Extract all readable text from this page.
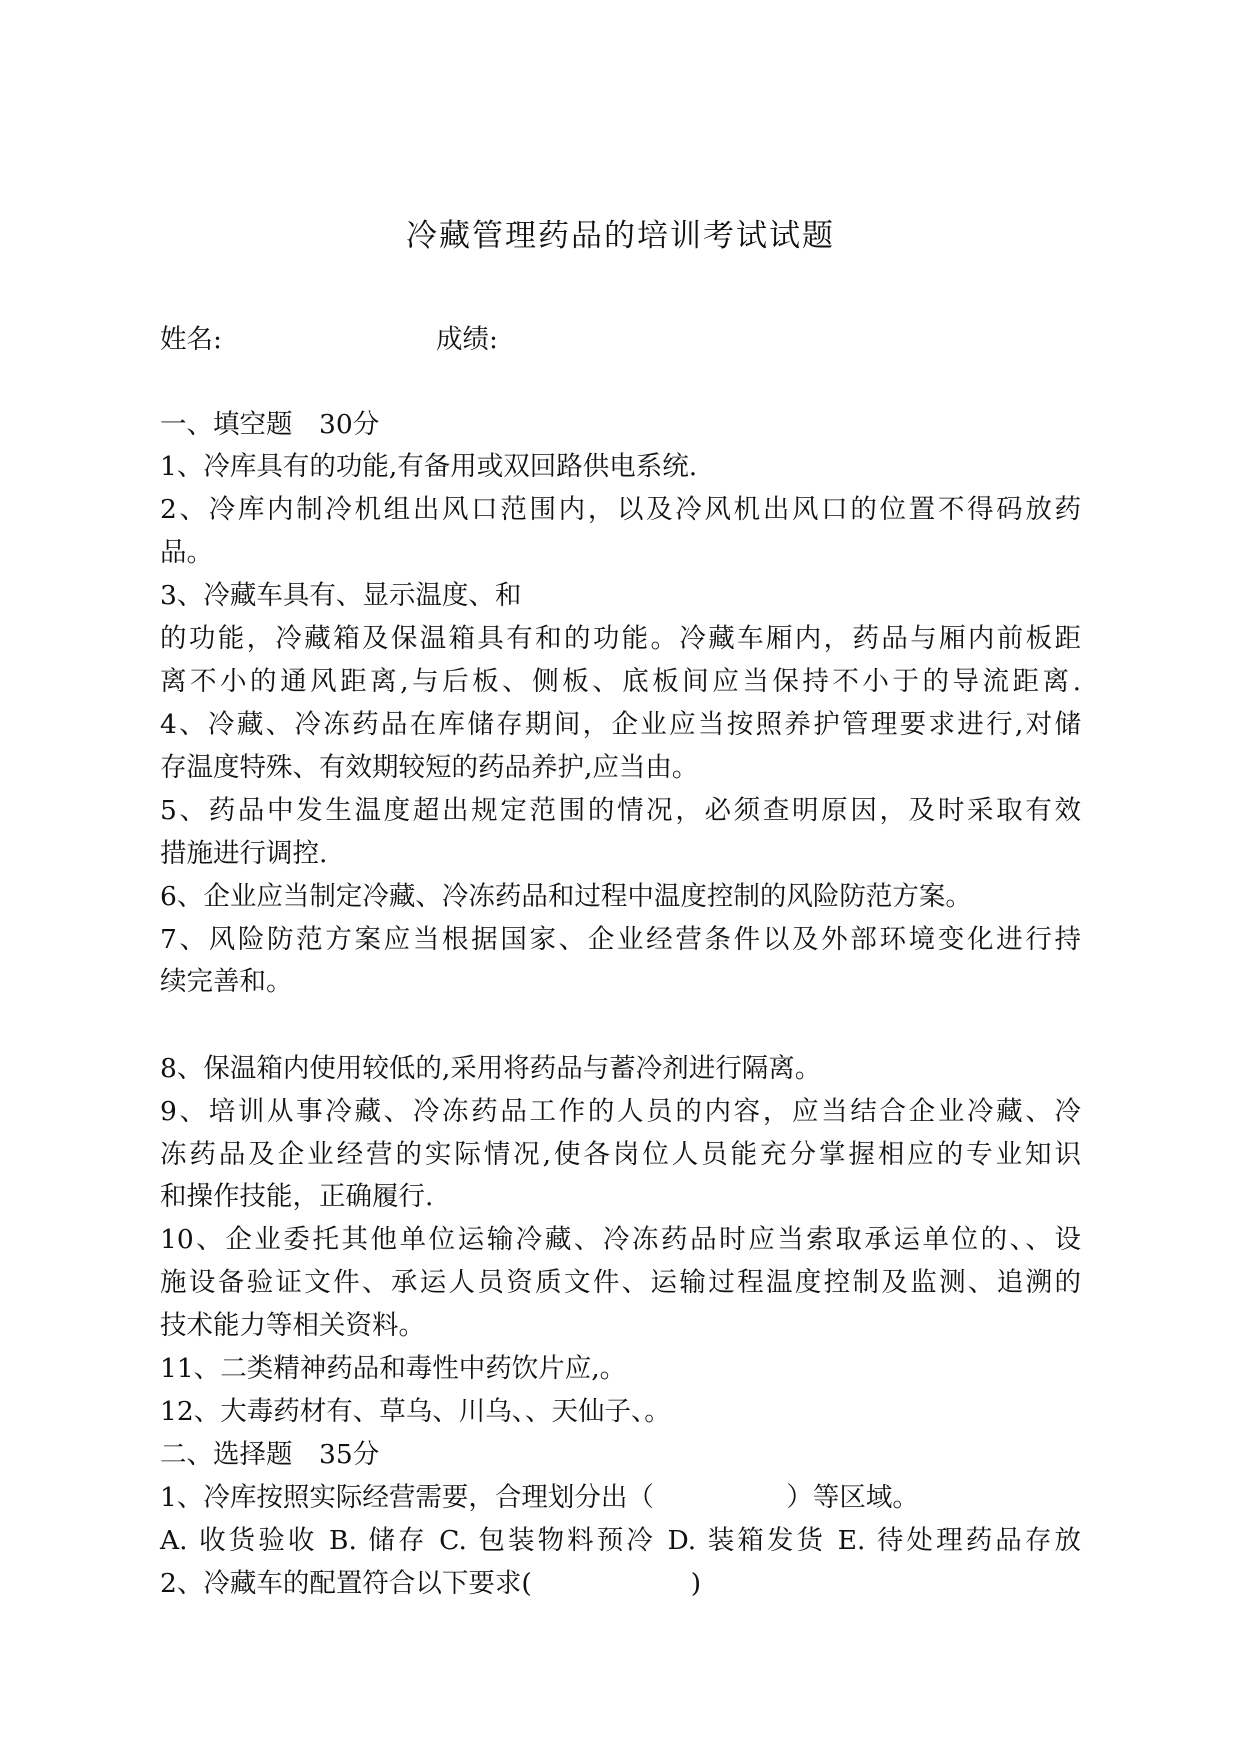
冷藏管理药品的培训考试试题
姓名:	成绩:
一、填空题　30分
1、冷库具有的功能,有备用或双回路供电系统.
2、冷库内制冷机组出风口范围内，以及冷风机出风口的位置不得码放药
品。
3、冷藏车具有、显示温度、和
的功能，冷藏箱及保温箱具有和的功能。冷藏车厢内，药品与厢内前板距
离不小的通风距离,与后板、侧板、底板间应当保持不小于的导流距离.
4、冷藏、冷冻药品在库储存期间，企业应当按照养护管理要求进行,对储
存温度特殊、有效期较短的药品养护,应当由。
5、药品中发生温度超出规定范围的情况，必须查明原因，及时采取有效
措施进行调控.
6、企业应当制定冷藏、冷冻药品和过程中温度控制的风险防范方案。
7、风险防范方案应当根据国家、企业经营条件以及外部环境变化进行持
续完善和。
8、保温箱内使用较低的,采用将药品与蓄冷剂进行隔离。
9、培训从事冷藏、冷冻药品工作的人员的内容，应当结合企业冷藏、冷
冻药品及企业经营的实际情况,使各岗位人员能充分掌握相应的专业知识
和操作技能，正确履行.
10、企业委托其他单位运输冷藏、冷冻药品时应当索取承运单位的、、设
施设备验证文件、承运人员资质文件、运输过程温度控制及监测、追溯的
技术能力等相关资料。
11、二类精神药品和毒性中药饮片应,。
12、大毒药材有、草乌、川乌、、天仙子、。
二、选择题　35分
1、冷库按照实际经营需要，合理划分出（　　　　　）等区域。
A. 收货验收 B. 储存 C. 包装物料预冷 D. 装箱发货 E. 待处理药品存放
2、冷藏车的配置符合以下要求(　　　　　　)
